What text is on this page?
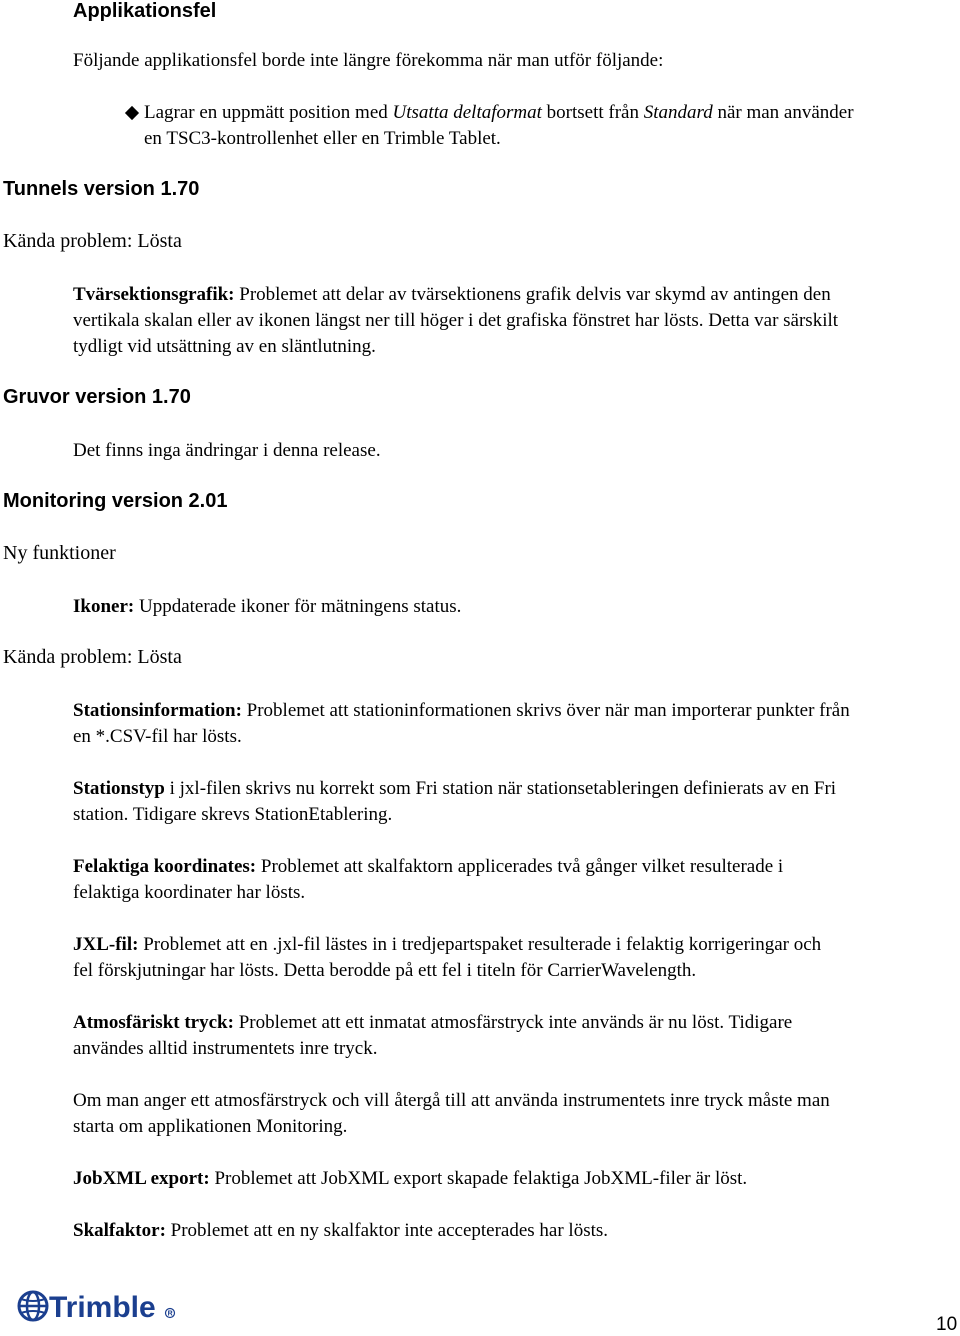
Applikationsfel
Följande applikationsfel borde inte längre förekomma när man utför följande:
Lagrar en uppmätt position med Utsatta deltaformat bortsett från Standard när man använder
en TSC3-kontrollenhet eller en Trimble Tablet.
Tunnels version 1.70
Kända problem: Lösta
Tvärsektionsgrafik: Problemet att delar av tvärsektionens grafik delvis var skymd av antingen den
vertikala skalan eller av ikonen längst ner till höger i det grafiska fönstret har lösts. Detta var särskilt
tydligt vid utsättning av en släntlutning.
Gruvor version 1.70
Det finns inga ändringar i denna release.
Monitoring version 2.01
Ny funktioner
Ikoner: Uppdaterade ikoner för mätningens status.
Kända problem: Lösta
Stationsinformation: Problemet att stationinformationen skrivs över när man importerar punkter från
en *.CSV-fil har lösts.
Stationstyp i jxl-filen skrivs nu korrekt som Fri station när stationsetableringen definierats av en Fri
station. Tidigare skrevs StationEtablering.
Felaktiga koordinates: Problemet att skalfaktorn applicerades två gånger vilket resulterade i
felaktiga koordinater har lösts.
JXL-fil: Problemet att en .jxl-fil lästes in i tredjepartspaket resulterade i felaktig korrigeringar och
fel förskjutningar har lösts. Detta berodde på ett fel i titeln för CarrierWavelength.
Atmosfäriskt tryck: Problemet att ett inmatat atmosfärstryck inte används är nu löst. Tidigare
användes alltid instrumentets inre tryck.
Om man anger ett atmosfärstryck och vill återgå till att använda instrumentets inre tryck måste man
starta om applikationen Monitoring.
JobXML export: Problemet att JobXML export skapade felaktiga JobXML-filer är löst.
Skalfaktor: Problemet att en ny skalfaktor inte accepterades har lösts.
Trimble R	10
